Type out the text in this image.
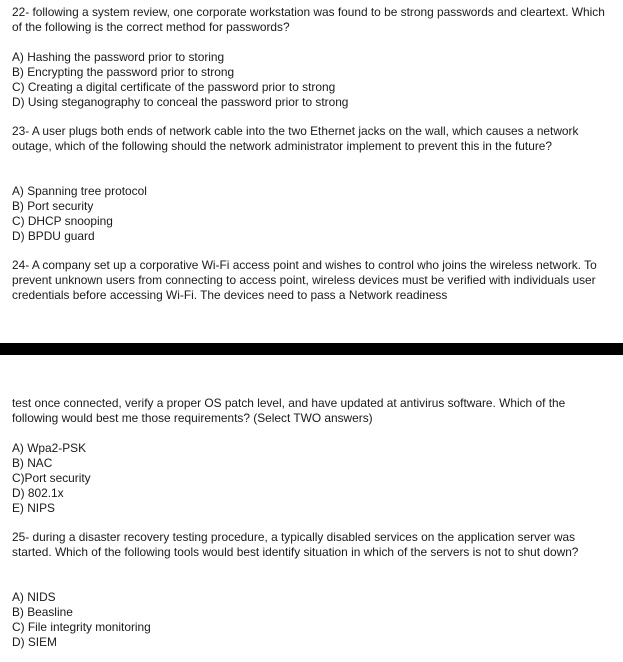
22- following a system review, one corporate workstation was found to be strong passwords and cleartext. Which of the following is the correct method for passwords?

A) Hashing the password prior to storing
B) Encrypting the password prior to strong
C) Creating a digital certificate of the password prior to strong
D) Using steganography to conceal the password prior to strong

23- A user plugs both ends of network cable into the two Ethernet jacks on the wall, which causes a network outage, which of the following should the network administrator implement to prevent this in the future?

A) Spanning tree protocol
B) Port security
C) DHCP snooping
D) BPDU guard

24- A company set up a corporative Wi-Fi access point and wishes to control who joins the wireless network. To prevent unknown users from connecting to access point, wireless devices must be verified with individuals user credentials before accessing Wi-Fi. The devices need to pass a Network readiness

test once connected, verify a proper OS patch level, and have updated at antivirus software. Which of the following would best me those requirements? (Select TWO answers)

A) Wpa2-PSK
B) NAC
C)Port security
D) 802.1x
E) NIPS

25- during a disaster recovery testing procedure, a typically disabled services on the application server was started. Which of the following tools would best identify situation in which of the servers is not to shut down?

A) NIDS
B) Beasline
C) File integrity monitoring
D) SIEM
